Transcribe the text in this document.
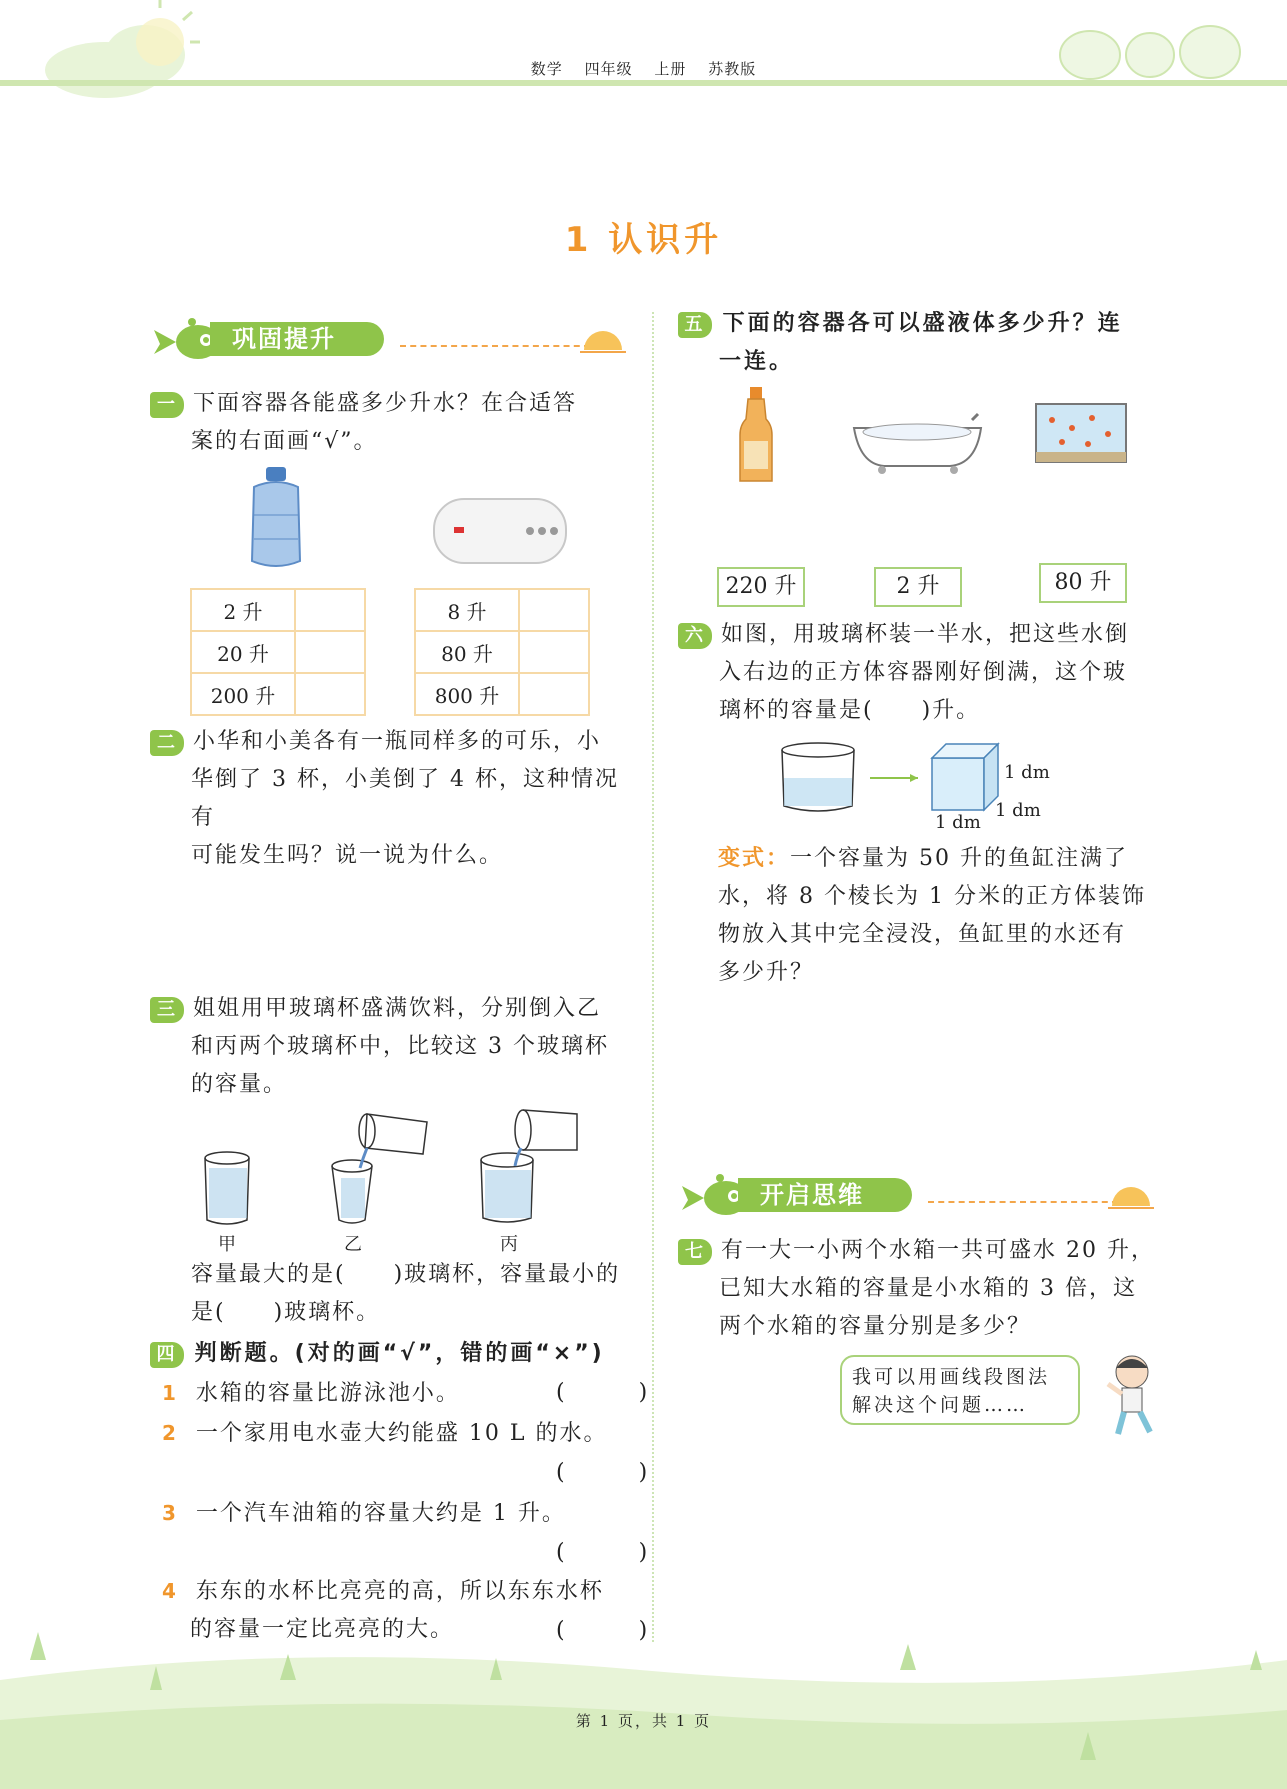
数学 四年级 上册 苏教版
1 认识升
巩固提升
一 下面容器各能盛多少升水？在合适答
案的右面画“√”。
2 升	
20 升	
200 升	
8 升	
80 升	
800 升	
二 小华和小美各有一瓶同样多的可乐，小
华倒了 3 杯，小美倒了 4 杯，这种情况有
可能发生吗？说一说为什么。
三 姐姐用甲玻璃杯盛满饮料，分别倒入乙
和丙两个玻璃杯中，比较这 3 个玻璃杯
的容量。
甲	乙	丙
容量最大的是(　　)玻璃杯，容量最小的
是(　　)玻璃杯。
四 判断题。(对的画“√”，错的画“×”)
1 水箱的容量比游泳池小。	(　　)
2 一个家用电水壶大约能盛 10 L 的水。
(　　)
3 一个汽车油箱的容量大约是 1 升。
(　　)
4 东东的水杯比亮亮的高，所以东东水杯
的容量一定比亮亮的大。	(　　)
五 下面的容器各可以盛液体多少升？连
一连。
220 升	2 升	80 升
六 如图，用玻璃杯装一半水，把这些水倒
入右边的正方体容器刚好倒满，这个玻
璃杯的容量是(　　)升。
1 dm
1 dm
1 dm
变式：一个容量为 50 升的鱼缸注满了
水，将 8 个棱长为 1 分米的正方体装饰
物放入其中完全浸没，鱼缸里的水还有
多少升？
开启思维
七 有一大一小两个水箱一共可盛水 20 升，
已知大水箱的容量是小水箱的 3 倍，这
两个水箱的容量分别是多少？
我可以用画线段图法
解决这个问题……
第 1 页，共 1 页
